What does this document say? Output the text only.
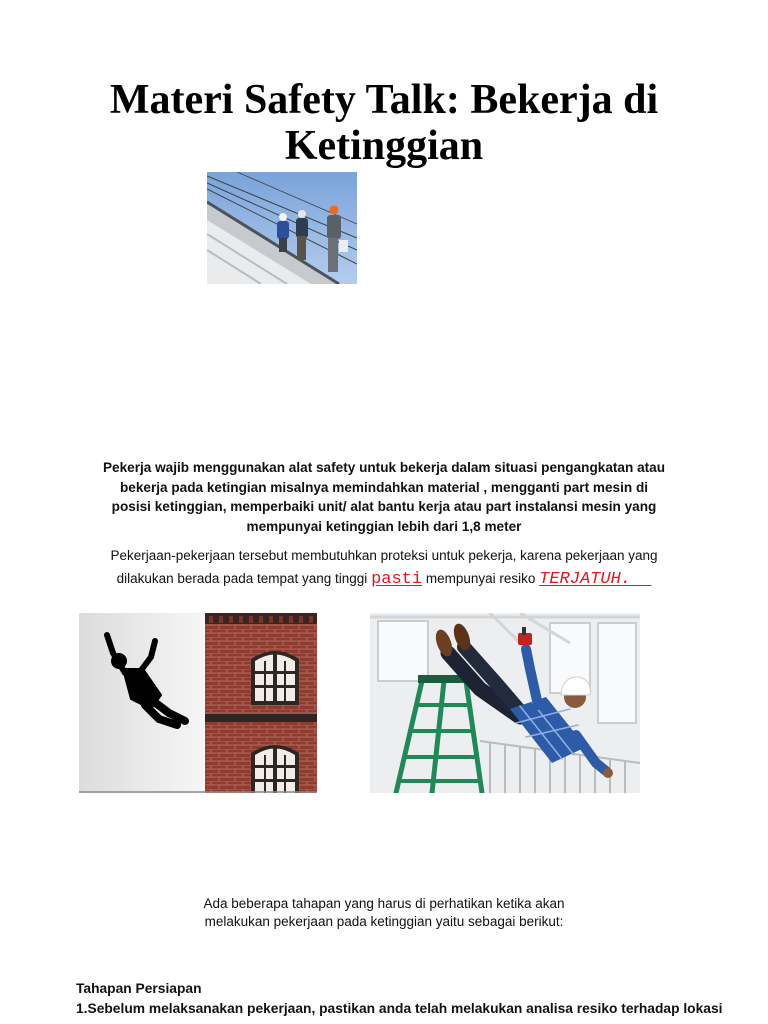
Materi Safety Talk: Bekerja di
Ketinggian
Pekerja wajib menggunakan alat safety untuk bekerja dalam situasi pengangkatan atau
bekerja pada ketingian misalnya memindahkan material , mengganti part mesin di
posisi ketinggian, memperbaiki unit/ alat bantu kerja atau part instalansi mesin yang
mempunyai ketinggian lebih dari 1,8 meter
Pekerjaan-pekerjaan tersebut membutuhkan proteksi untuk pekerja, karena pekerjaan yang
dilakukan berada pada tempat yang tinggi pasti mempunyai resiko TERJATUH.
Ada beberapa tahapan yang harus di perhatikan ketika akan
melakukan pekerjaan pada ketinggian yaitu sebagai berikut:
Tahapan Persiapan
1.Sebelum melaksanakan pekerjaan, pastikan anda telah melakukan analisa resiko terhadap lokasi
